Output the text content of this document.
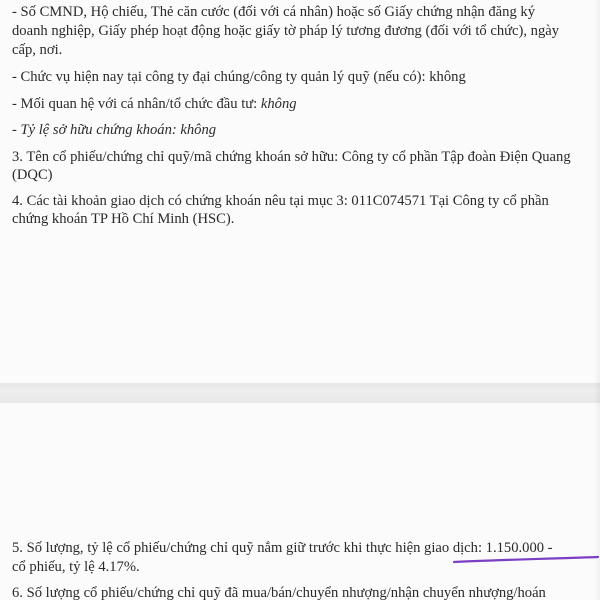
- Số CMND, Hộ chiếu, Thẻ căn cước (đối với cá nhân) hoặc số Giấy chứng nhận đăng ký
doanh nghiệp, Giấy phép hoạt động hoặc giấy tờ pháp lý tương đương (đối với tổ chức), ngày
cấp, nơi.
- Chức vụ hiện nay tại công ty đại chúng/công ty quản lý quỹ (nếu có): không
- Mối quan hệ với cá nhân/tổ chức đầu tư: không
- Tỷ lệ sở hữu chứng khoán: không
3. Tên cổ phiếu/chứng chỉ quỹ/mã chứng khoán sở hữu: Công ty cổ phần Tập đoàn Điện Quang
(DQC)
4. Các tài khoản giao dịch có chứng khoán nêu tại mục 3: 011C074571 Tại Công ty cổ phần
chứng khoán TP Hồ Chí Minh (HSC).
5. Số lượng, tỷ lệ cổ phiếu/chứng chỉ quỹ nắm giữ trước khi thực hiện giao dịch: 1.150.000 -
cổ phiếu, tỷ lệ 4.17%.
6. Số lượng cổ phiếu/chứng chỉ quỹ đã mua/bán/chuyển nhượng/nhận chuyển nhượng/hoán
